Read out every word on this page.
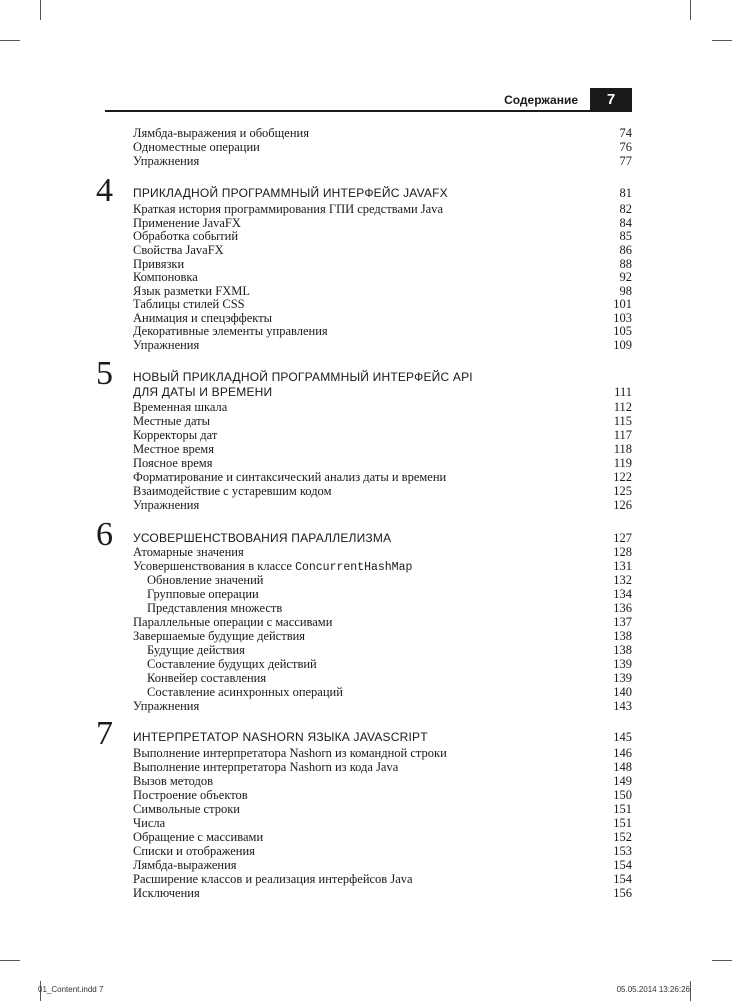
Содержание	7
Лямбда-выражения и обобщения	74
Одноместные операции	76
Упражнения	77
4 ПРИКЛАДНОЙ ПРОГРАММНЫЙ ИНТЕРФЕЙС JAVAFX	81
Краткая история программирования ГПИ средствами Java	82
Применение JavaFX	84
Обработка событий	85
Свойства JavaFX	86
Привязки	88
Компоновка	92
Язык разметки FXML	98
Таблицы стилей CSS	101
Анимация и спецэффекты	103
Декоративные элементы управления	105
Упражнения	109
5 НОВЫЙ ПРИКЛАДНОЙ ПРОГРАММНЫЙ ИНТЕРФЕЙС API
ДЛЯ ДАТЫ И ВРЕМЕНИ	111
Временная шкала	112
Местные даты	115
Корректоры дат	117
Местное время	118
Поясное время	119
Форматирование и синтаксический анализ даты и времени	122
Взаимодействие с устаревшим кодом	125
Упражнения	126
6 УСОВЕРШЕНСТВОВАНИЯ ПАРАЛЛЕЛИЗМА	127
Атомарные значения	128
Усовершенствования в классе ConcurrentHashMap	131
Обновление значений	132
Групповые операции	134
Представления множеств	136
Параллельные операции с массивами	137
Завершаемые будущие действия	138
Будущие действия	138
Составление будущих действий	139
Конвейер составления	139
Составление асинхронных операций	140
Упражнения	143
7 ИНТЕРПРЕТАТОР NASHORN ЯЗЫКА JAVASCRIPT	145
Выполнение интерпретатора Nashorn из командной строки	146
Выполнение интерпретатора Nashorn из кода Java	148
Вызов методов	149
Построение объектов	150
Символьные строки	151
Числа	151
Обращение с массивами	152
Списки и отображения	153
Лямбда-выражения	154
Расширение классов и реализация интерфейсов Java	154
Исключения	156
01_Content.indd 7	05.05.2014 13:26:26
